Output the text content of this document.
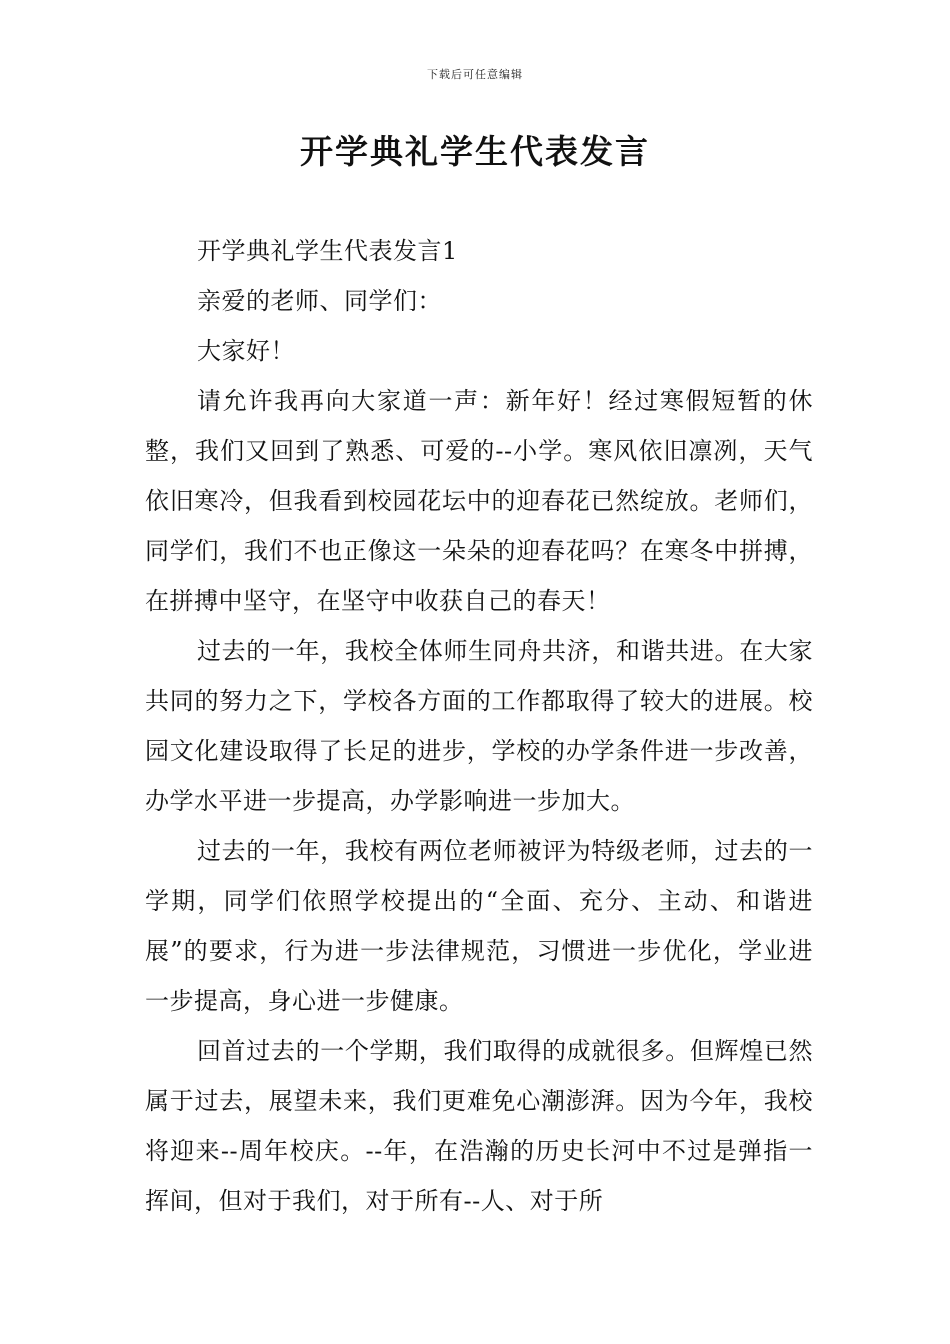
下载后可任意编辑
开学典礼学生代表发言

开学典礼学生代表发言1

亲爱的老师、同学们：

大家好！

请允许我再向大家道一声：新年好！经过寒假短暂的休整，我们又回到了熟悉、可爱的--小学。寒风依旧凛冽，天气依旧寒冷，但我看到校园花坛中的迎春花已然绽放。老师们，同学们，我们不也正像这一朵朵的迎春花吗？在寒冬中拼搏，在拼搏中坚守，在坚守中收获自己的春天！

过去的一年，我校全体师生同舟共济，和谐共进。在大家共同的努力之下，学校各方面的工作都取得了较大的进展。校园文化建设取得了长足的进步，学校的办学条件进一步改善，办学水平进一步提高，办学影响进一步加大。

过去的一年，我校有两位老师被评为特级老师，过去的一学期，同学们依照学校提出的“全面、充分、主动、和谐进展”的要求，行为进一步法律规范，习惯进一步优化，学业进一步提高，身心进一步健康。

回首过去的一个学期，我们取得的成就很多。但辉煌已然属于过去，展望未来，我们更难免心潮澎湃。因为今年，我校将迎来--周年校庆。--年，在浩瀚的历史长河中不过是弹指一挥间，但对于我们，对于所有--人、对于所
